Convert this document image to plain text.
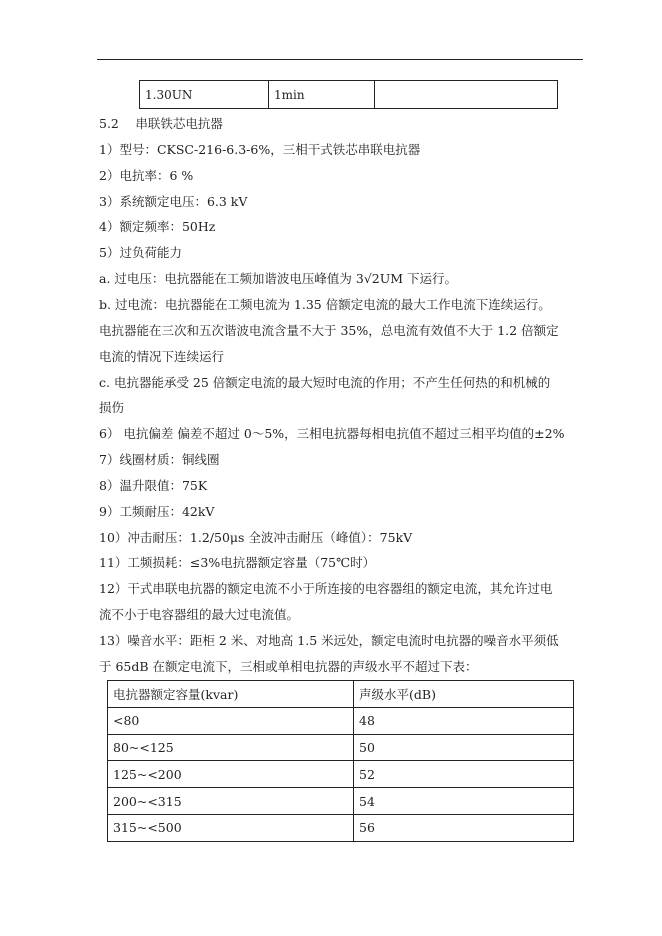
1.30UN	1min	
5.2　 串联铁芯电抗器
1）型号：CKSC-216-6.3-6%，三相干式铁芯串联电抗器
2）电抗率：6 %
3）系统额定电压：6.3 kV
4）额定频率：50Hz
5）过负荷能力
a. 过电压：电抗器能在工频加谐波电压峰值为 3√2UM 下运行。
b. 过电流：电抗器能在工频电流为 1.35 倍额定电流的最大工作电流下连续运行。
电抗器能在三次和五次谐波电流含量不大于 35%，总电流有效值不大于 1.2 倍额定
电流的情况下连续运行
c. 电抗器能承受 25 倍额定电流的最大短时电流的作用；不产生任何热的和机械的
损伤
6） 电抗偏差 偏差不超过 0～5%，三相电抗器每相电抗值不超过三相平均值的±2%
7）线圈材质：铜线圈
8）温升限值：75K
9）工频耐压：42kV
10）冲击耐压：1.2/50μs 全波冲击耐压（峰值）：75kV
11）工频损耗：≤3%电抗器额定容量（75℃时）
12）干式串联电抗器的额定电流不小于所连接的电容器组的额定电流，其允许过电
流不小于电容器组的最大过电流值。
13）噪音水平：距柜 2 米、对地高 1.5 米远处，额定电流时电抗器的噪音水平须低
于 65dB 在额定电流下，三相或单相电抗器的声级水平不超过下表：
电抗器额定容量(kvar)	声级水平(dB)
<80	48
80~<125	50
125~<200	52
200~<315	54
315~<500	56
